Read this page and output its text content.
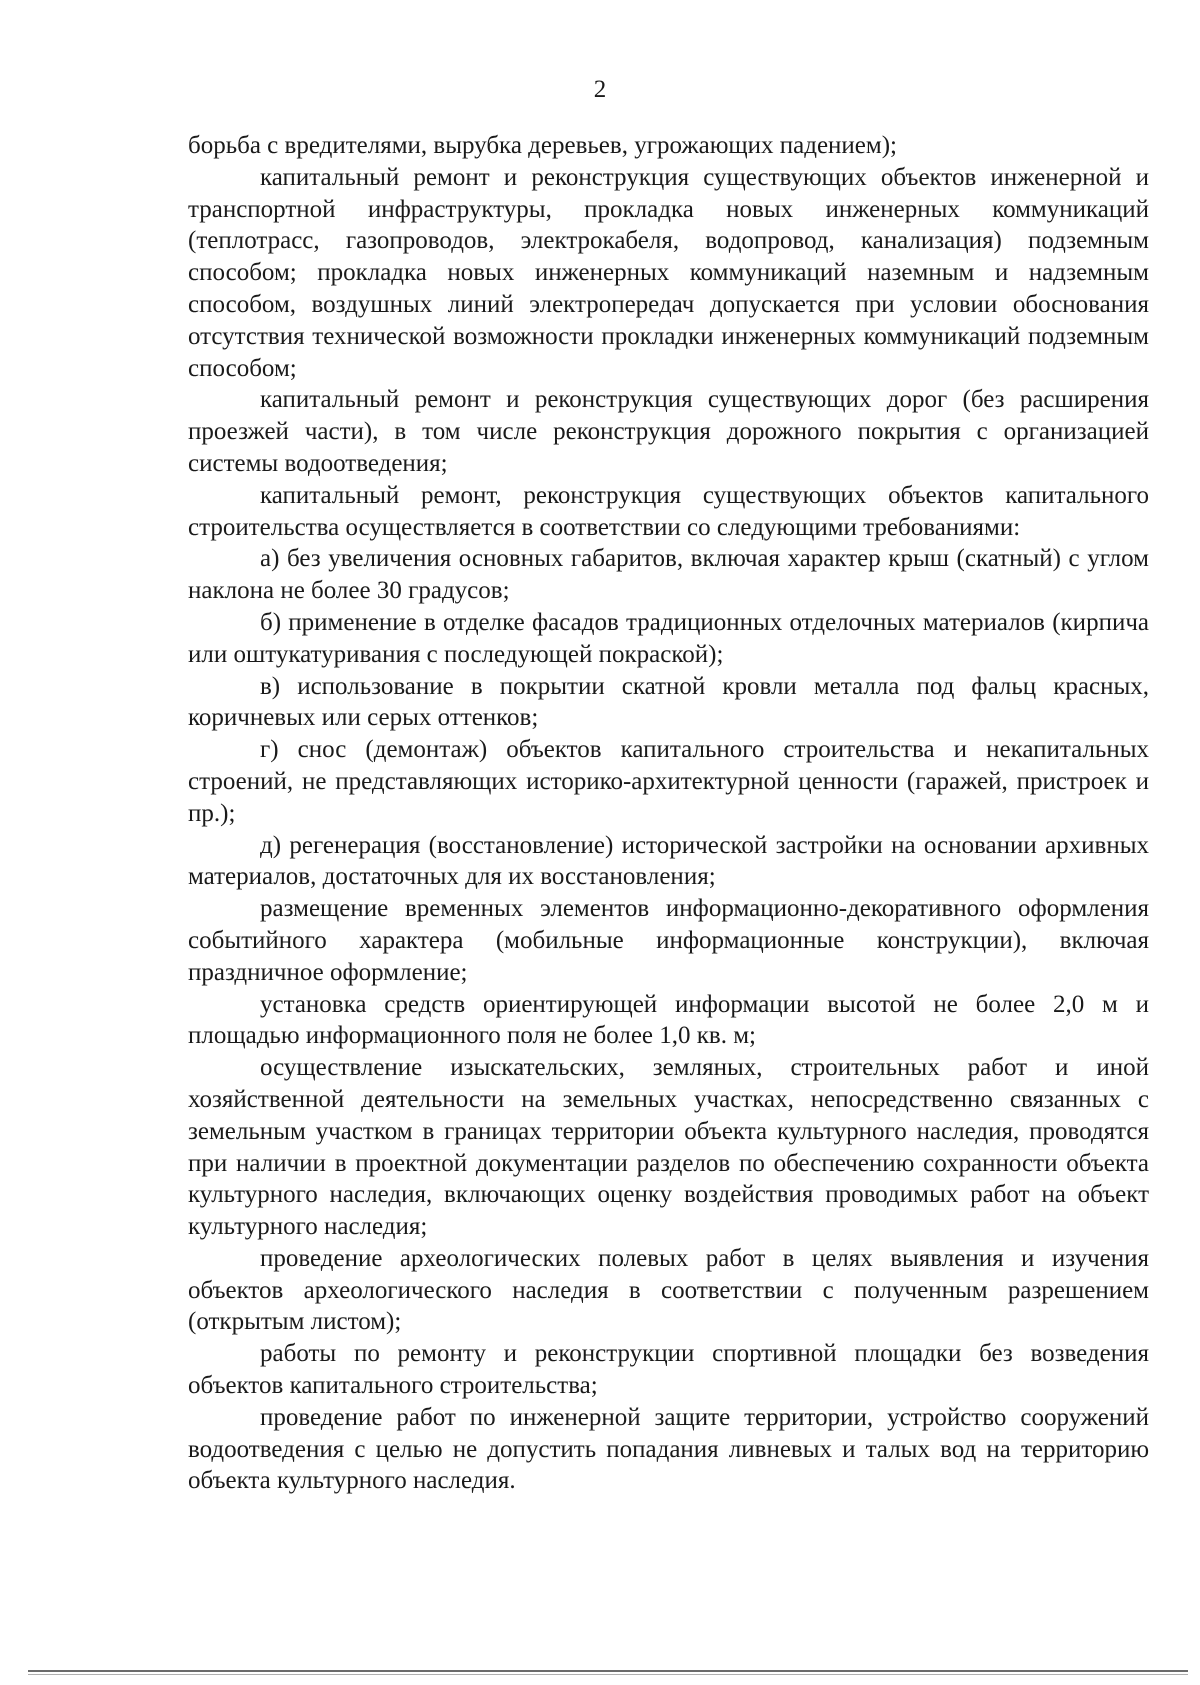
2

борьба с вредителями, вырубка деревьев, угрожающих падением);

капитальный ремонт и реконструкция существующих объектов инженерной и транспортной инфраструктуры, прокладка новых инженерных коммуникаций (теплотрасс, газопроводов, электрокабеля, водопровод, канализация) подземным способом; прокладка новых инженерных коммуникаций наземным и надземным способом, воздушных линий электропередач допускается при условии обоснования отсутствия технической возможности прокладки инженерных коммуникаций подземным способом;

капитальный ремонт и реконструкция существующих дорог (без расширения проезжей части), в том числе реконструкция дорожного покрытия с организацией системы водоотведения;

капитальный ремонт, реконструкция существующих объектов капитального строительства осуществляется в соответствии со следующими требованиями:

а) без увеличения основных габаритов, включая характер крыш (скатный) с углом наклона не более 30 градусов;

б) применение в отделке фасадов традиционных отделочных материалов (кирпича или оштукатуривания с последующей покраской);

в) использование в покрытии скатной кровли металла под фальц красных, коричневых или серых оттенков;

г) снос (демонтаж) объектов капитального строительства и некапитальных строений, не представляющих историко-архитектурной ценности (гаражей, пристроек и пр.);

д) регенерация (восстановление) исторической застройки на основании архивных материалов, достаточных для их восстановления;

размещение временных элементов информационно-декоративного оформления событийного характера (мобильные информационные конструкции), включая праздничное оформление;

установка средств ориентирующей информации высотой не более 2,0 м и площадью информационного поля не более 1,0 кв. м;

осуществление изыскательских, земляных, строительных работ и иной хозяйственной деятельности на земельных участках, непосредственно связанных с земельным участком в границах территории объекта культурного наследия, проводятся при наличии в проектной документации разделов по обеспечению сохранности объекта культурного наследия, включающих оценку воздействия проводимых работ на объект культурного наследия;

проведение археологических полевых работ в целях выявления и изучения объектов археологического наследия в соответствии с полученным разрешением (открытым листом);

работы по ремонту и реконструкции спортивной площадки без возведения объектов капитального строительства;

проведение работ по инженерной защите территории, устройство сооружений водоотведения с целью не допустить попадания ливневых и талых вод на территорию объекта культурного наследия.
